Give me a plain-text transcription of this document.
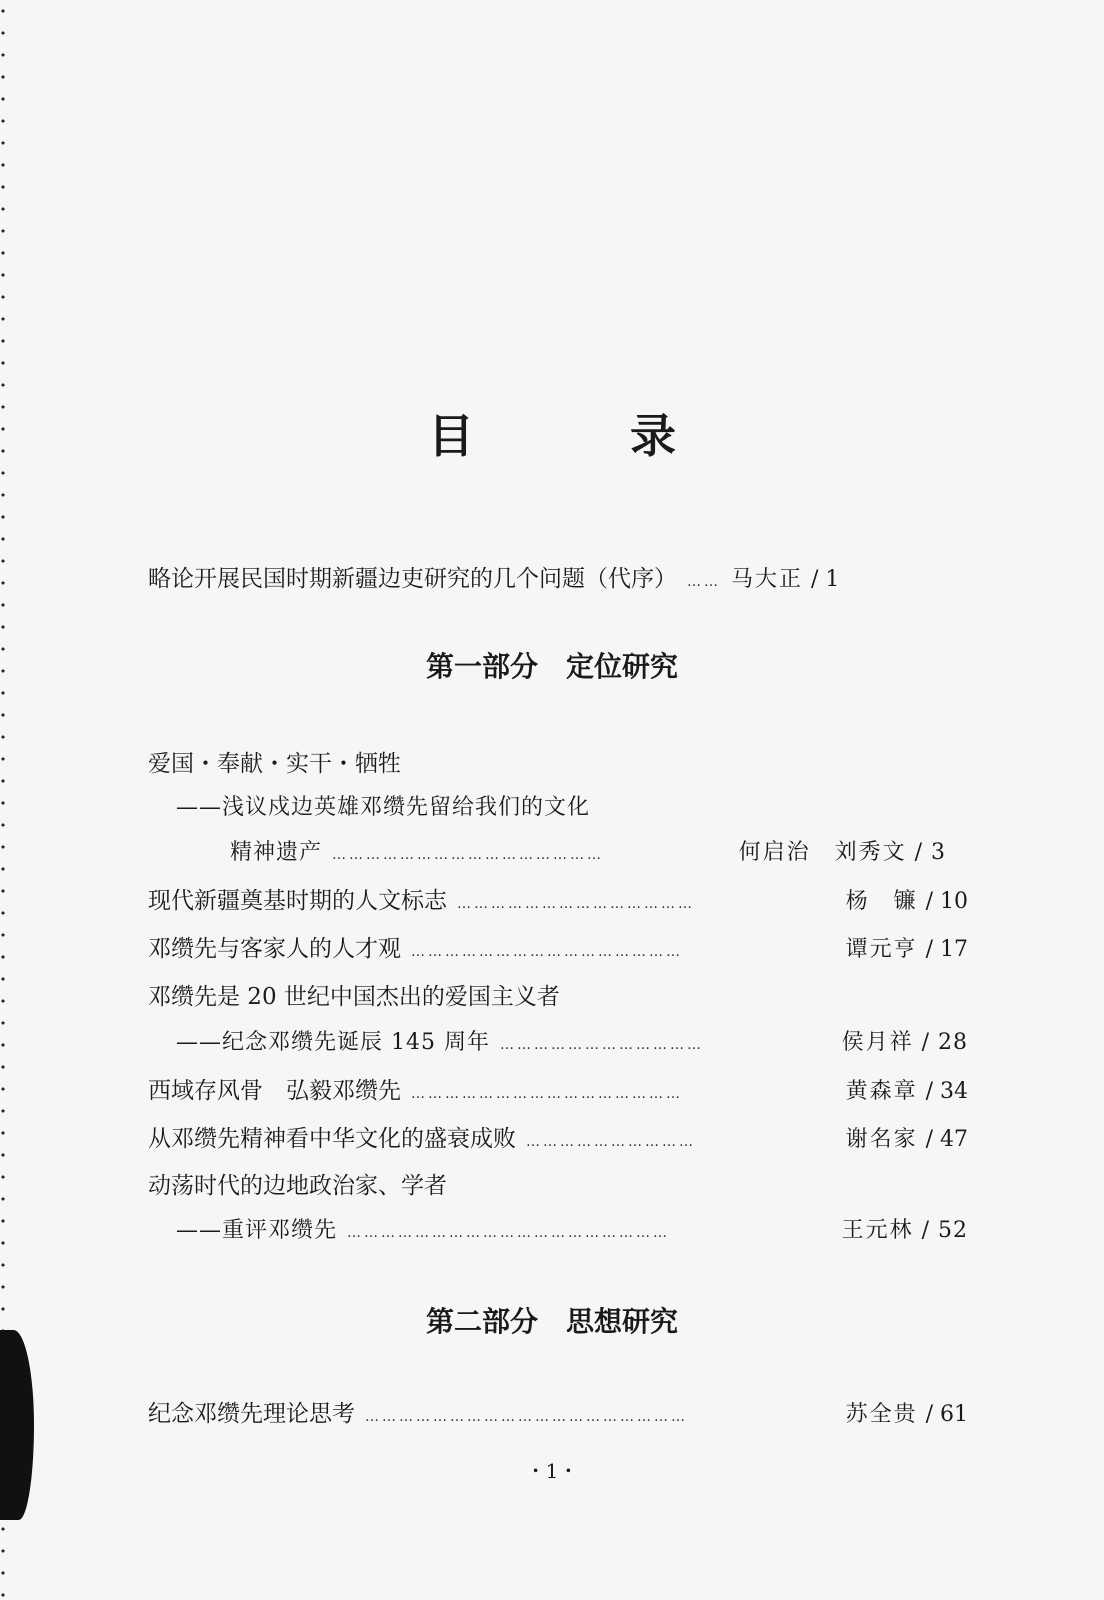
目 录
略论开展民国时期新疆边吏研究的几个问题（代序） …… 马大正 / 1
第一部分　定位研究
爱国・奉献・实干・牺牲
——浅议戍边英雄邓缵先留给我们的文化
精神遗产 …………………………………………	何启治　刘秀文 / 3
现代新疆奠基时期的人文标志 ……………………………………	杨　镰 / 10
邓缵先与客家人的人才观 …………………………………………	谭元亨 / 17
邓缵先是 20 世纪中国杰出的爱国主义者
——纪念邓缵先诞辰 145 周年 ………………………………	侯月祥 / 28
西域存风骨　弘毅邓缵先 …………………………………………	黄森章 / 34
从邓缵先精神看中华文化的盛衰成败 …………………………	谢名家 / 47
动荡时代的边地政治家、学者
——重评邓缵先 …………………………………………………	王元林 / 52
第二部分　思想研究
纪念邓缵先理论思考 …………………………………………………	苏全贵 / 61
・1・
